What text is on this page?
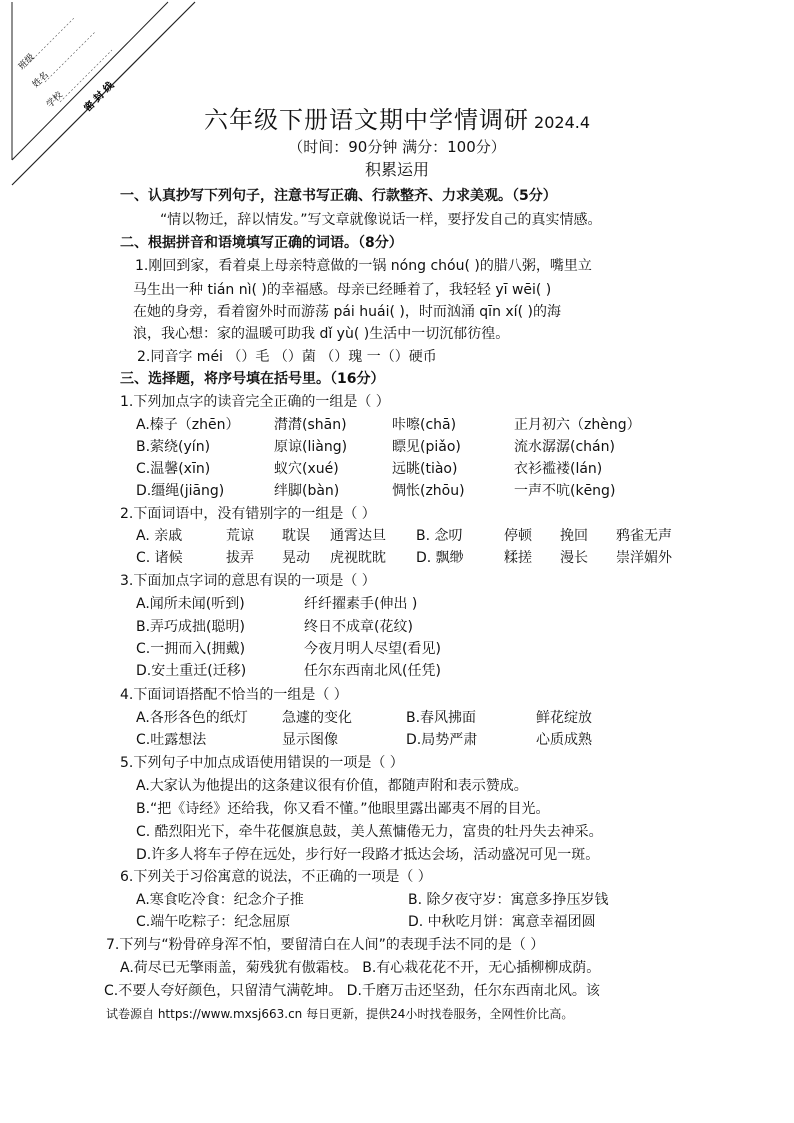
班级
姓名
学校 密 封 线
六年级下册语文期中学情调研 2024.4
（时间：90分钟 满分：100分）
积累运用
一、认真抄写下列句子，注意书写正确、行款整齐、力求美观。（5分）
“情以物迁，辞以情发。”写文章就像说话一样，要抒发自己的真实情感。
二、根据拼音和语境填写正确的词语。（8分）
1.刚回到家，看着桌上母亲特意做的一锅 nóng chóu( )的腊八粥，嘴里立
马生出一种 tián nì( )的幸福感。母亲已经睡着了，我轻轻 yī wēi( )
在她的身旁，看着窗外时而游荡 pái huái( )，时而汹涌 qīn xí( )的海
浪，我心想：家的温暖可助我 dǐ yù( )生活中一切沉郁彷徨。
2.同音字 méi （）毛 （）菌 （）瑰 一（）硬币
三、选择题，将序号填在括号里。（16分）
1.下列加点字的读音完全正确的一组是（ ）
A.榛子（zhēn） 潸潸(shān)	咔嚓(chā)	正月初六（zhèng）
B.萦绕(yín)	原谅(liàng)	瞟见(piǎo)	流水潺潺(chán)
C.温馨(xīn)	蚁穴(xué)	远眺(tiào)	衣衫褴褛(lán)
D.缰绳(jiāng)	绊脚(bàn)	惆怅(zhōu)	一声不吭(kēng)
2.下面词语中，没有错别字的一组是（ ）
A. 亲戚	荒谅 耽误 通霄达旦 B. 念叨	停顿 挽回 鸦雀无声
C. 诸候	拔弄 晃动 虎视眈眈 D. 飘缈	糅搓 漫长 崇洋媚外
3.下面加点字词的意思有误的一项是（ ）
A.闻所未闻(听到)	纤纤擢素手(伸出 )
B.弄巧成拙(聪明)	终日不成章(花纹)
C.一拥而入(拥戴)	今夜月明人尽望(看见)
D.安土重迁(迁移)	任尔东西南北风(任凭)
4.下面词语搭配不恰当的一组是（ ）
A.各形各色的纸灯 急遽的变化	B.春风拂面	鲜花绽放
C.吐露想法	显示图像	D.局势严肃	心质成熟
5.下列句子中加点成语使用错误的一项是（ ）
A.大家认为他提出的这条建议很有价值，都随声附和表示赞成。
B.“把《诗经》还给我，你又看不懂。”他眼里露出鄙夷不屑的目光。
C. 酷烈阳光下，牵牛花偃旗息鼓，美人蕉慵倦无力，富贵的牡丹失去神采。
D.许多人将车子停在远处，步行好一段路才抵达会场，活动盛况可见一斑。
6.下列关于习俗寓意的说法，不正确的一项是（ ）
A.寒食吃冷食：纪念介子推	B. 除夕夜守岁：寓意多挣压岁钱
C.端午吃粽子：纪念屈原	D. 中秋吃月饼：寓意幸福团圆
7.下列与“粉骨碎身浑不怕，要留清白在人间”的表现手法不同的是（ ）
A.荷尽已无擎雨盖，菊残犹有傲霜枝。 B.有心栽花花不开，无心插柳柳成荫。
C.不要人夸好颜色，只留清气满乾坤。 D.千磨万击还坚劲，任尔东西南北风。该
试卷源自 https://www.mxsj663.cn 每日更新，提供24小时找卷服务，全网性价比高。
